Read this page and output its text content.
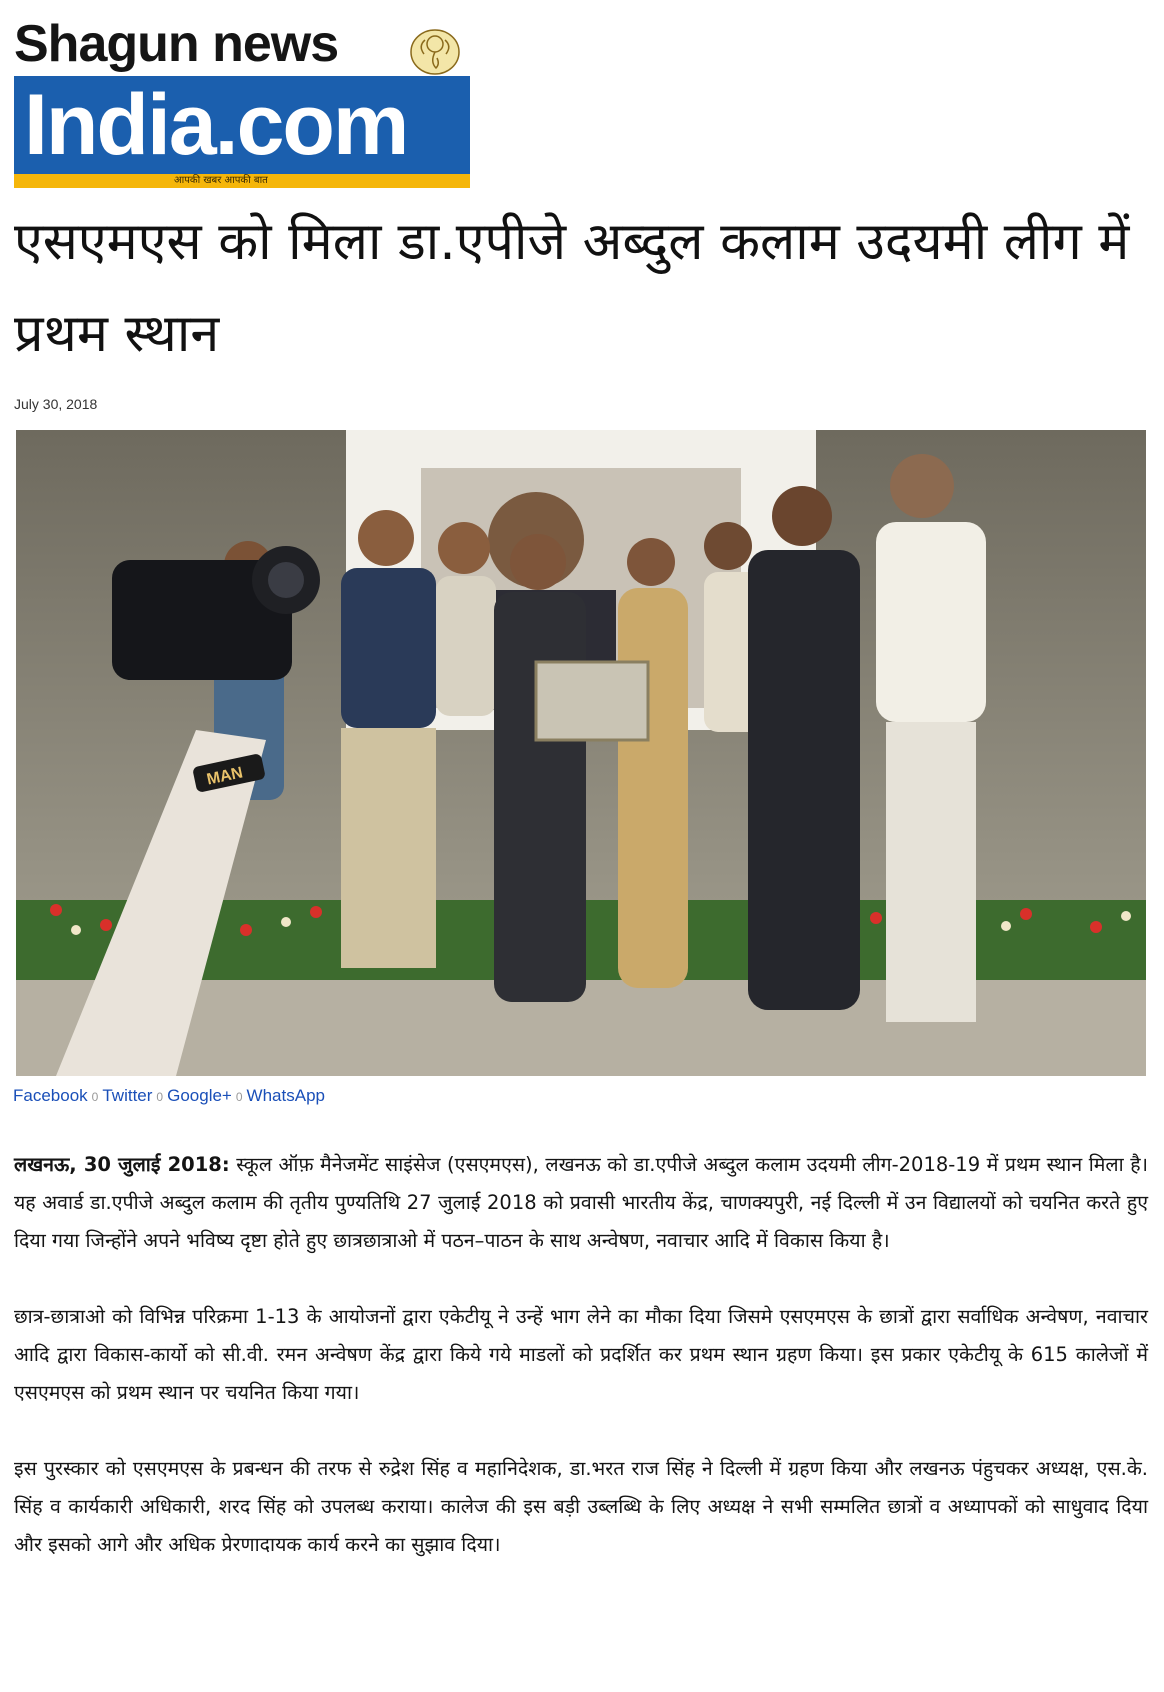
Shagun news
India.com
आपकी खबर आपकी बात
एसएमएस को मिला डा.एपीजे अब्दुल कलाम उदयमी लीग में प्रथम स्थान
July 30, 2018
MAN
Facebook 0 Twitter 0 Google+ 0 WhatsApp

लखनऊ, 30 जुलाई 2018: स्कूल ऑफ़ मैनेजमेंट साइंसेज (एसएमएस), लखनऊ को डा.एपीजे अब्दुल कलाम उदयमी लीग-2018-19 में प्रथम स्थान मिला है। यह अवार्ड डा.एपीजे अब्दुल कलाम की तृतीय पुण्यतिथि 27 जुलाई 2018 को प्रवासी भारतीय केंद्र, चाणक्यपुरी, नई दिल्ली में उन विद्यालयों को चयनित करते हुए दिया गया जिन्होंने अपने भविष्य दृष्टा होते हुए छात्रछात्राओ में पठन–पाठन के साथ अन्वेषण, नवाचार आदि में विकास किया है।

छात्र-छात्राओ को विभिन्न परिक्रमा 1-13 के आयोजनों द्वारा एकेटीयू ने उन्हें भाग लेने का मौका दिया जिसमे एसएमएस के छात्रों द्वारा सर्वाधिक अन्वेषण, नवाचार आदि द्वारा विकास-कार्यो को सी.वी. रमन अन्वेषण केंद्र द्वारा किये गये माडलों को प्रदर्शित कर प्रथम स्थान ग्रहण किया। इस प्रकार एकेटीयू के 615 कालेजों में एसएमएस को प्रथम स्थान पर चयनित किया गया।

इस पुरस्कार को एसएमएस के प्रबन्धन की तरफ से रुद्रेश सिंह व महानिदेशक, डा.भरत राज सिंह ने दिल्ली में ग्रहण किया और लखनऊ पंहुचकर अध्यक्ष, एस.के. सिंह व कार्यकारी अधिकारी, शरद सिंह को उपलब्ध कराया। कालेज की इस बड़ी उब्लब्धि के लिए अध्यक्ष ने सभी सम्मलित छात्रों व अध्यापकों को साधुवाद दिया और इसको आगे और अधिक प्रेरणादायक कार्य करने का सुझाव दिया।
